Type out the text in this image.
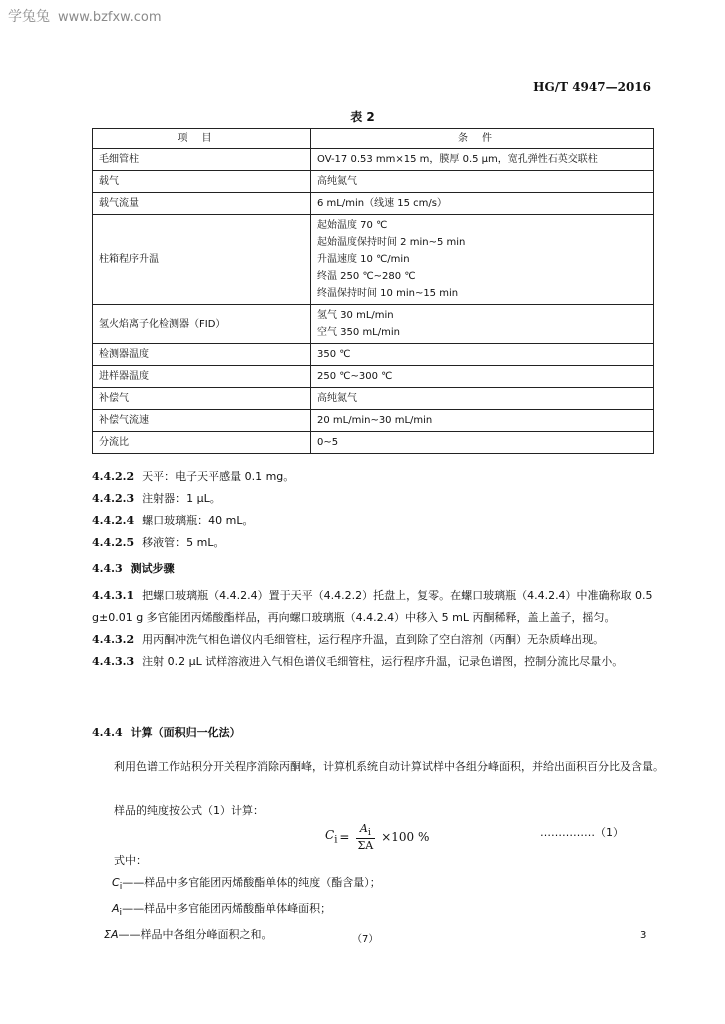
学兔兔 www.bzfxw.com
HG/T 4947—2016
表 2
项目	条件
毛细管柱	OV-17 0.53 mm×15 m，膜厚 0.5 μm，宽孔弹性石英交联柱

载气	高纯氮气

载气流量	6 mL/min（线速 15 cm/s）

柱箱程序升温	起始温度 70 ℃
起始温度保持时间 2 min~5 min
升温速度 10 ℃/min
终温 250 ℃~280 ℃
终温保持时间 10 min~15 min

氢火焰离子化检测器（FID）	氢气 30 mL/min
空气 350 mL/min

检测器温度	350 ℃

进样器温度	250 ℃~300 ℃

补偿气	高纯氮气

补偿气流速	20 mL/min~30 mL/min

分流比	0~5
4.4.2.2 天平：电子天平感量 0.1 mg。
4.4.2.3 注射器：1 μL。
4.4.2.4 螺口玻璃瓶：40 mL。
4.4.2.5 移液管：5 mL。
4.4.3 测试步骤
4.4.3.1 把螺口玻璃瓶（4.4.2.4）置于天平（4.4.2.2）托盘上，复零。在螺口玻璃瓶（4.4.2.4）中准确称取 0.5 g±0.01 g 多官能团丙烯酸酯样品，再向螺口玻璃瓶（4.4.2.4）中移入 5 mL 丙酮稀释，盖上盖子，摇匀。
4.4.3.2 用丙酮冲洗气相色谱仪内毛细管柱，运行程序升温，直到除了空白溶剂（丙酮）无杂质峰出现。
4.4.3.3 注射 0.2 μL 试样溶液进入气相色谱仪毛细管柱，运行程序升温，记录色谱图，控制分流比尽量小。
4.4.4 计算（面积归一化法）
利用色谱工作站积分开关程序消除丙酮峰，计算机系统自动计算试样中各组分峰面积，并给出面积百分比及含量。
样品的纯度按公式（1）计算：
$C_i = \frac{A_i}{\Sigma A} \times 100$ %	……………（1）
式中：
$C_i——$样品中多官能团丙烯酸酯单体的纯度（酯含量）；
$A_i——$样品中多官能团丙烯酸酯单体峰面积；
ΣA——样品中各组分峰面积之和。	（7）	3
